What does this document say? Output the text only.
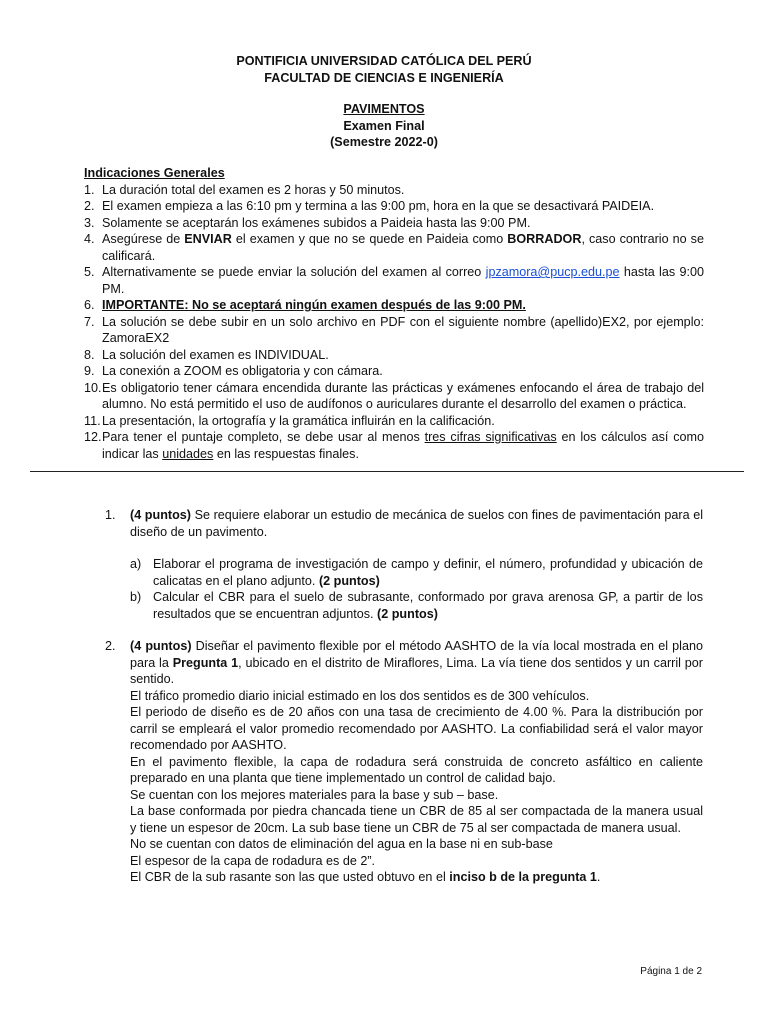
PONTIFICIA UNIVERSIDAD CATÓLICA DEL PERÚ
FACULTAD DE CIENCIAS E INGENIERÍA
PAVIMENTOS
Examen Final
(Semestre 2022-0)
Indicaciones Generales
1. La duración total del examen es 2 horas y 50 minutos.
2. El examen empieza a las 6:10 pm y termina a las 9:00 pm, hora en la que se desactivará PAIDEIA.
3. Solamente se aceptarán los exámenes subidos a Paideia hasta las 9:00 PM.
4. Asegúrese de ENVIAR el examen y que no se quede en Paideia como BORRADOR, caso contrario no se calificará.
5. Alternativamente se puede enviar la solución del examen al correo jpzamora@pucp.edu.pe hasta las 9:00 PM.
6. IMPORTANTE: No se aceptará ningún examen después de las 9:00 PM.
7. La solución se debe subir en un solo archivo en PDF con el siguiente nombre (apellido)EX2, por ejemplo: ZamoraEX2
8. La solución del examen es INDIVIDUAL.
9. La conexión a ZOOM es obligatoria y con cámara.
10. Es obligatorio tener cámara encendida durante las prácticas y exámenes enfocando el área de trabajo del alumno. No está permitido el uso de audífonos o auriculares durante el desarrollo del examen o práctica.
11. La presentación, la ortografía y la gramática influirán en la calificación.
12. Para tener el puntaje completo, se debe usar al menos tres cifras significativas en los cálculos así como indicar las unidades en las respuestas finales.
1. (4 puntos) Se requiere elaborar un estudio de mecánica de suelos con fines de pavimentación para el diseño de un pavimento.
a) Elaborar el programa de investigación de campo y definir, el número, profundidad y ubicación de calicatas en el plano adjunto. (2 puntos)
b) Calcular el CBR para el suelo de subrasante, conformado por grava arenosa GP, a partir de los resultados que se encuentran adjuntos. (2 puntos)
2. (4 puntos) Diseñar el pavimento flexible por el método AASHTO de la vía local mostrada en el plano para la Pregunta 1, ubicado en el distrito de Miraflores, Lima. La vía tiene dos sentidos y un carril por sentido.
El tráfico promedio diario inicial estimado en los dos sentidos es de 300 vehículos.
El periodo de diseño es de 20 años con una tasa de crecimiento de 4.00 %. Para la distribución por carril se empleará el valor promedio recomendado por AASHTO. La confiabilidad será el valor mayor recomendado por AASHTO.
En el pavimento flexible, la capa de rodadura será construida de concreto asfáltico en caliente preparado en una planta que tiene implementado un control de calidad bajo.
Se cuentan con los mejores materiales para la base y sub – base.
La base conformada por piedra chancada tiene un CBR de 85 al ser compactada de la manera usual y tiene un espesor de 20cm. La sub base tiene un CBR de 75 al ser compactada de manera usual.
No se cuentan con datos de eliminación del agua en la base ni en sub-base
El espesor de la capa de rodadura es de 2”.
El CBR de la sub rasante son las que usted obtuvo en el inciso b de la pregunta 1.
Página 1 de 2
